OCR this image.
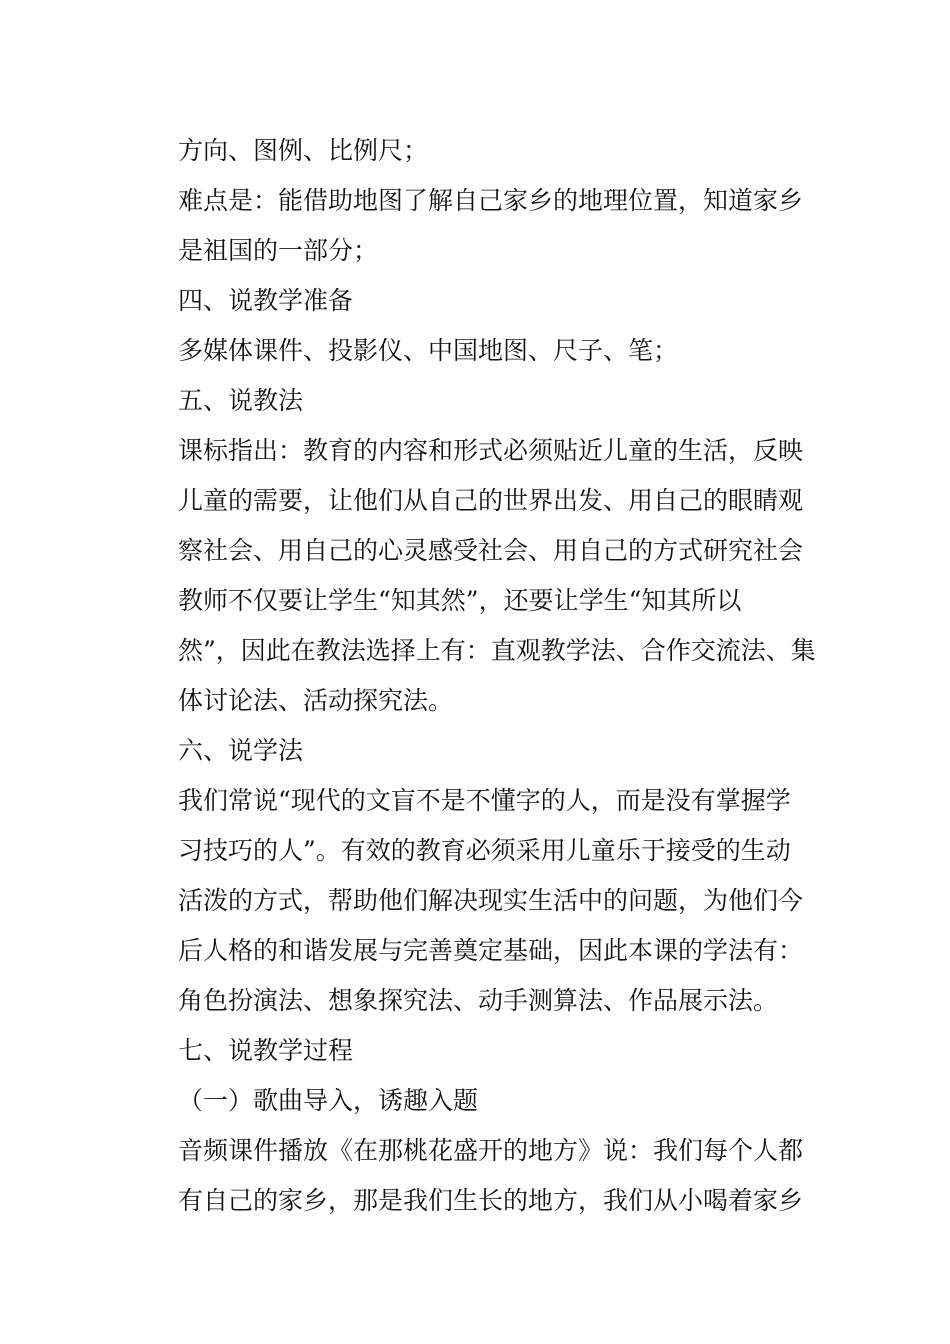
方向、图例、比例尺；
难点是：能借助地图了解自己家乡的地理位置，知道家乡
是祖国的一部分；
四、说教学准备
多媒体课件、投影仪、中国地图、尺子、笔；
五、说教法
课标指出：教育的内容和形式必须贴近儿童的生活，反映
儿童的需要，让他们从自己的世界出发、用自己的眼睛观
察社会、用自己的心灵感受社会、用自己的方式研究社会
教师不仅要让学生“知其然”，还要让学生“知其所以
然”，因此在教法选择上有：直观教学法、合作交流法、集
体讨论法、活动探究法。
六、说学法
我们常说“现代的文盲不是不懂字的人，而是没有掌握学
习技巧的人”。有效的教育必须采用儿童乐于接受的生动
活泼的方式，帮助他们解决现实生活中的问题，为他们今
后人格的和谐发展与完善奠定基础，因此本课的学法有：
角色扮演法、想象探究法、动手测算法、作品展示法。
七、说教学过程
（一）歌曲导入，诱趣入题
音频课件播放《在那桃花盛开的地方》说：我们每个人都
有自己的家乡，那是我们生长的地方，我们从小喝着家乡
